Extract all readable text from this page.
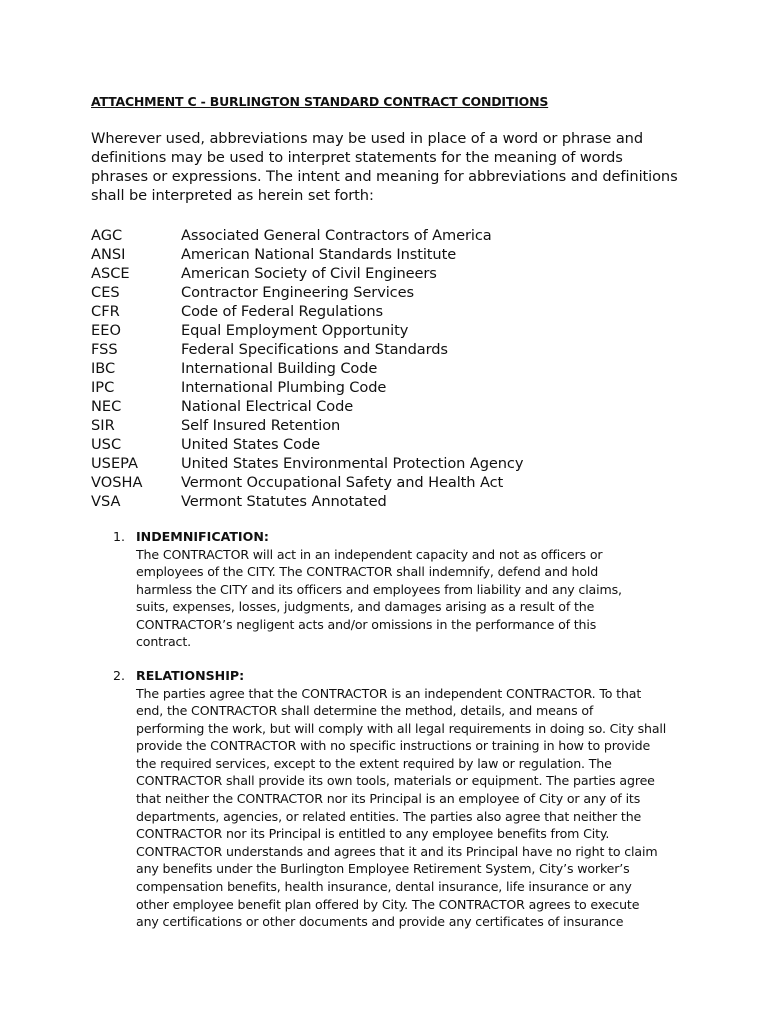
ATTACHMENT C - BURLINGTON STANDARD CONTRACT CONDITIONS
Wherever used, abbreviations may be used in place of a word or phrase and
definitions may be used to interpret statements for the meaning of words
phrases or expressions. The intent and meaning for abbreviations and definitions
shall be interpreted as herein set forth:
AGC	Associated General Contractors of America
ANSI	American National Standards Institute
ASCE	American Society of Civil Engineers
CES	Contractor Engineering Services
CFR	Code of Federal Regulations
EEO	Equal Employment Opportunity
FSS	Federal Specifications and Standards
IBC	International Building Code
IPC	International Plumbing Code
NEC	National Electrical Code
SIR	Self Insured Retention
USC	United States Code
USEPA	United States Environmental Protection Agency
VOSHA	Vermont Occupational Safety and Health Act
VSA	Vermont Statutes Annotated
1. INDEMNIFICATION:
The CONTRACTOR will act in an independent capacity and not as officers or
employees of the CITY. The CONTRACTOR shall indemnify, defend and hold
harmless the CITY and its officers and employees from liability and any claims,
suits, expenses, losses, judgments, and damages arising as a result of the
CONTRACTOR’s negligent acts and/or omissions in the performance of this
contract.
2. RELATIONSHIP:
The parties agree that the CONTRACTOR is an independent CONTRACTOR. To that
end, the CONTRACTOR shall determine the method, details, and means of
performing the work, but will comply with all legal requirements in doing so. City shall
provide the CONTRACTOR with no specific instructions or training in how to provide
the required services, except to the extent required by law or regulation. The
CONTRACTOR shall provide its own tools, materials or equipment. The parties agree
that neither the CONTRACTOR nor its Principal is an employee of City or any of its
departments, agencies, or related entities. The parties also agree that neither the
CONTRACTOR nor its Principal is entitled to any employee benefits from City.
CONTRACTOR understands and agrees that it and its Principal have no right to claim
any benefits under the Burlington Employee Retirement System, City’s worker’s
compensation benefits, health insurance, dental insurance, life insurance or any
other employee benefit plan offered by City. The CONTRACTOR agrees to execute
any certifications or other documents and provide any certificates of insurance
